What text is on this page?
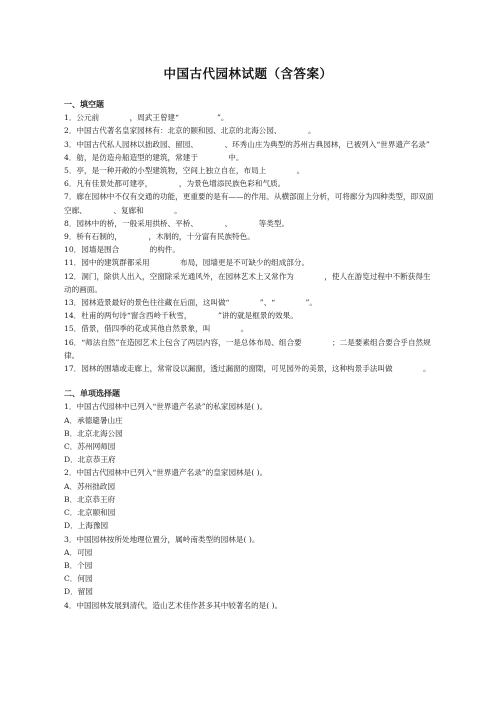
中国古代园林试题（含答案）

一、填空题

1．公元前　　　　，周武王曾建“　　　　　”。

2．中国古代著名皇家园林有：北京的颐和园、北京的北海公园、　　　　。

3．中国古代私人园林以拙政园、留园、　　　　、环秀山庄为典型的苏州古典园林，已被列入“世界遗产名录”

4．舫，是仿造舟船造型的建筑，常建于　　　　中。

5．亭，是一种开敞的小型建筑物，空间上独立自在，布局上　　　　。

6．凡有佳景处都可建亭，　　　　，为景色增添民族色彩和气质。

7．廊在园林中不仅有交通的功能，更重要的是有——的作用。从横部面上分析，可将廊分为四种类型，即双面空廊、　　　　、复廊和　　　　。

8．园林中的桥，一般采用拱桥、平桥、　　　　、　　　　等类型。

9．桥有石制的，　　　　，木制的，十分富有民族特色。

10．园墙是围合　　　　的构件。

11．园中的建筑群都采用　　　　布局，园墙更是不可缺少的组成部分。

12．洞门，除供人出入，空窗除采光通风外，在园林艺术上又常作为　　　　，使人在游览过程中不断获得生动的画面。

13．园林造景最好的景色往往藏在后面，这叫做“　　　　”、“　　　　”。

14．杜甫的两句诗“窗含西岭千秋雪，　　　　”讲的就是框景的效果。

15．借景，借四季的花或其他自然景象，叫　　　　。

16．“师法自然”在造园艺术上包含了两层内容，一是总体布局、组合要　　　　；二是要素组合要合乎自然规律。

17．园林的围墙或走廊上，常常设以漏窗，透过漏窗的窗隙，可见园外的美景，这种构景手法叫做　　　　。

二、单项选择题

1．中国古代园林中已列入“世界遗产名录”的私家园林是( )。

A．承德避暑山庄

B．北京北海公园

C．苏州网师园

D．北京恭王府

2．中国古代园林中已列入“世界遗产名录”的皇家园林是( )。

A．苏州拙政园

B．北京恭王府

C．北京颐和园

D．上海豫园

3．中国园林按所处地理位置分，属岭南类型的园林是( )。

A．可园

B．个园

C．何园

D．留园

4．中国园林发展到清代，造山艺术佳作甚多其中较著名的是( )。
